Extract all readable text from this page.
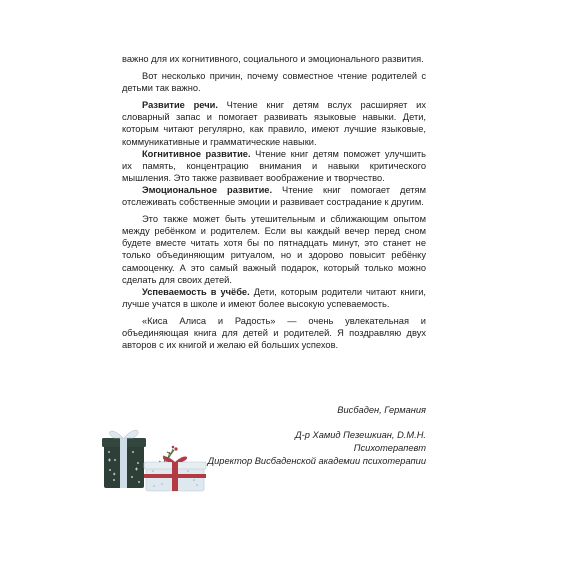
важно для их когнитивного, социального и эмоционального развития.

Вот несколько причин, почему совместное чтение родителей с детьми так важно.

Развитие речи. Чтение книг детям вслух расширяет их словарный запас и помогает развивать языковые навыки. Дети, которым читают регулярно, как правило, имеют лучшие языковые, коммуникативные и грамматические навыки.

Когнитивное развитие. Чтение книг детям поможет улучшить их память, концентрацию внимания и навыки критического мышления. Это также развивает воображение и творчество.

Эмоциональное развитие. Чтение книг помогает детям отслеживать собственные эмоции и развивает сострадание к другим.

Это также может быть утешительным и сближающим опытом между ребёнком и родителем. Если вы каждый вечер перед сном будете вместе читать хотя бы по пятнадцать минут, это станет не только объединяющим ритуалом, но и здорово повысит ребёнку самооценку. А это самый важный подарок, который только можно сделать для своих детей.

Успеваемость в учёбе. Дети, которым родители читают книги, лучше учатся в школе и имеют более высокую успеваемость.

«Киса Алиса и Радость» — очень увлекательная и объединяющая книга для детей и родителей. Я поздравляю двух авторов с их книгой и желаю ей больших успехов.

Висбаден, Германия
Д-р Хамид Пезешкиан, D.M.H.
Психотерапевт
Директор Висбаденской академии психотерапии
